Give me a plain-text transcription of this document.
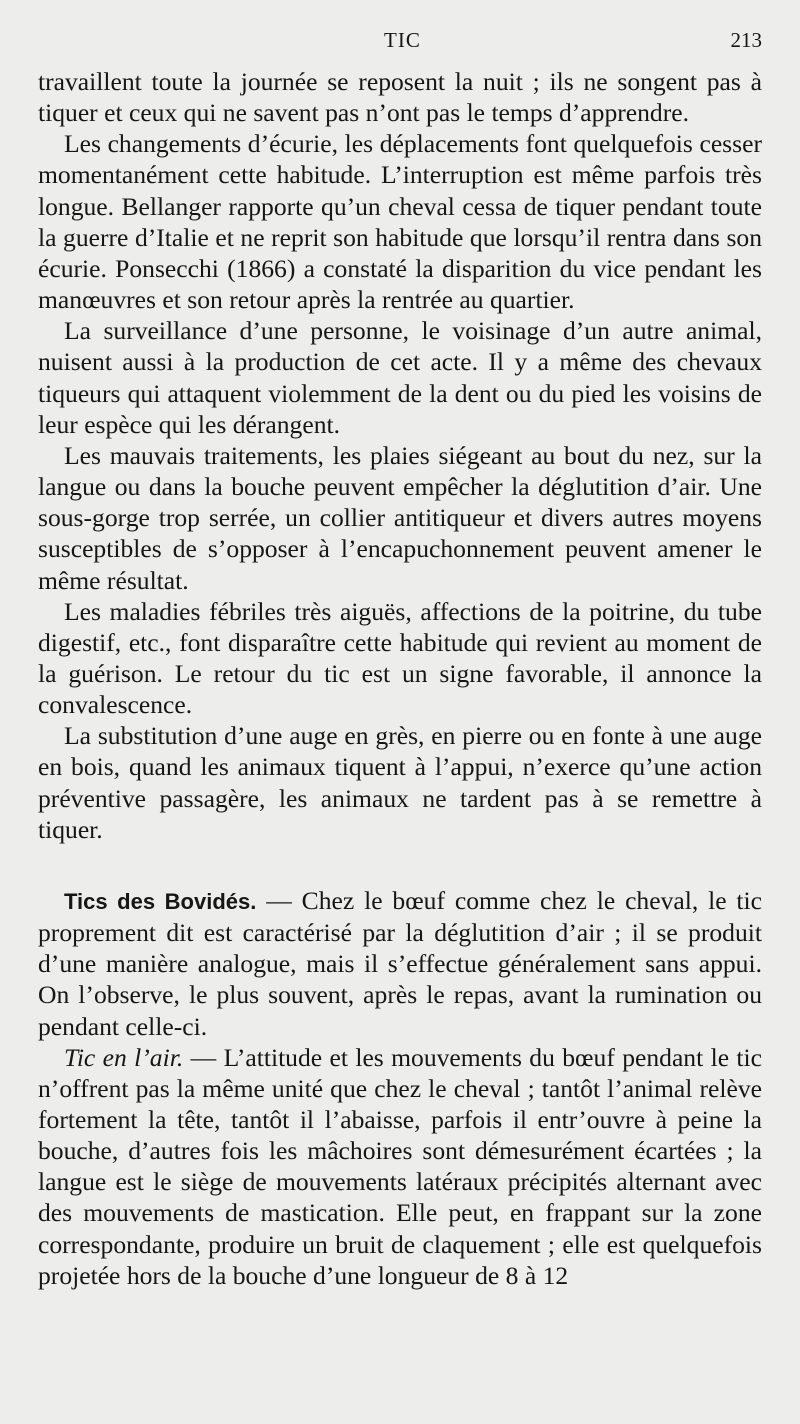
TIC	213

travaillent toute la journée se reposent la nuit ; ils ne songent pas à tiquer et ceux qui ne savent pas n’ont pas le temps d’apprendre.

Les changements d’écurie, les déplacements font quelquefois cesser momentanément cette habitude. L’interruption est même parfois très longue. Bellanger rapporte qu’un cheval cessa de tiquer pendant toute la guerre d’Italie et ne reprit son habitude que lorsqu’il rentra dans son écurie. Ponsecchi (1866) a constaté la disparition du vice pendant les manœuvres et son retour après la rentrée au quartier.

La surveillance d’une personne, le voisinage d’un autre animal, nuisent aussi à la production de cet acte. Il y a même des chevaux tiqueurs qui attaquent violemment de la dent ou du pied les voisins de leur espèce qui les dérangent.

Les mauvais traitements, les plaies siégeant au bout du nez, sur la langue ou dans la bouche peuvent empêcher la déglutition d’air. Une sous-gorge trop serrée, un collier antitiqueur et divers autres moyens susceptibles de s’opposer à l’encapuchonnement peuvent amener le même résultat.

Les maladies fébriles très aiguës, affections de la poitrine, du tube digestif, etc., font disparaître cette habitude qui revient au moment de la guérison. Le retour du tic est un signe favorable, il annonce la convalescence.

La substitution d’une auge en grès, en pierre ou en fonte à une auge en bois, quand les animaux tiquent à l’appui, n’exerce qu’une action préventive passagère, les animaux ne tardent pas à se remettre à tiquer.

Tics des Bovidés. — Chez le bœuf comme chez le cheval, le tic proprement dit est caractérisé par la déglutition d’air ; il se produit d’une manière analogue, mais il s’effectue généralement sans appui. On l’observe, le plus souvent, après le repas, avant la rumination ou pendant celle-ci.

Tic en l’air. — L’attitude et les mouvements du bœuf pendant le tic n’offrent pas la même unité que chez le cheval ; tantôt l’animal relève fortement la tête, tantôt il l’abaisse, parfois il entr’ouvre à peine la bouche, d’autres fois les mâchoires sont démesurément écartées ; la langue est le siège de mouvements latéraux précipités alternant avec des mouvements de mastication. Elle peut, en frappant sur la zone correspondante, produire un bruit de claquement ; elle est quelquefois projetée hors de la bouche d’une longueur de 8 à 12
